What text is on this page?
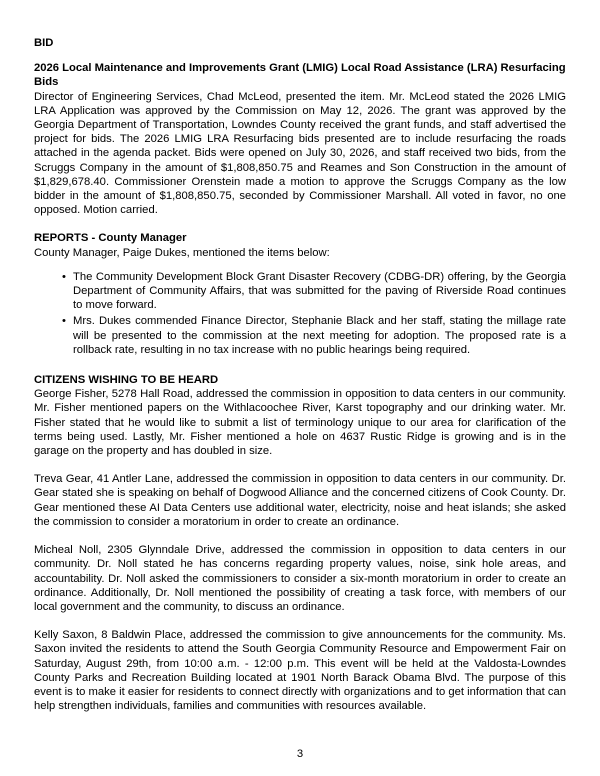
BID

2026 Local Maintenance and Improvements Grant (LMIG) Local Road Assistance (LRA) Resurfacing Bids

Director of Engineering Services, Chad McLeod, presented the item. Mr. McLeod stated the 2026 LMIG LRA Application was approved by the Commission on May 12, 2026. The grant was approved by the Georgia Department of Transportation, Lowndes County received the grant funds, and staff advertised the project for bids. The 2026 LMIG LRA Resurfacing bids presented are to include resurfacing the roads attached in the agenda packet. Bids were opened on July 30, 2026, and staff received two bids, from the Scruggs Company in the amount of $1,808,850.75 and Reames and Son Construction in the amount of $1,829,678.40. Commissioner Orenstein made a motion to approve the Scruggs Company as the low bidder in the amount of $1,808,850.75, seconded by Commissioner Marshall. All voted in favor, no one opposed. Motion carried.

REPORTS - County Manager

County Manager, Paige Dukes, mentioned the items below:

• The Community Development Block Grant Disaster Recovery (CDBG-DR) offering, by the Georgia Department of Community Affairs, that was submitted for the paving of Riverside Road continues to move forward.
• Mrs. Dukes commended Finance Director, Stephanie Black and her staff, stating the millage rate will be presented to the commission at the next meeting for adoption. The proposed rate is a rollback rate, resulting in no tax increase with no public hearings being required.

CITIZENS WISHING TO BE HEARD

George Fisher, 5278 Hall Road, addressed the commission in opposition to data centers in our community. Mr. Fisher mentioned papers on the Withlacoochee River, Karst topography and our drinking water. Mr. Fisher stated that he would like to submit a list of terminology unique to our area for clarification of the terms being used. Lastly, Mr. Fisher mentioned a hole on 4637 Rustic Ridge is growing and is in the garage on the property and has doubled in size.

Treva Gear, 41 Antler Lane, addressed the commission in opposition to data centers in our community. Dr. Gear stated she is speaking on behalf of Dogwood Alliance and the concerned citizens of Cook County. Dr. Gear mentioned these AI Data Centers use additional water, electricity, noise and heat islands; she asked the commission to consider a moratorium in order to create an ordinance.

Micheal Noll, 2305 Glynndale Drive, addressed the commission in opposition to data centers in our community. Dr. Noll stated he has concerns regarding property values, noise, sink hole areas, and accountability. Dr. Noll asked the commissioners to consider a six-month moratorium in order to create an ordinance. Additionally, Dr. Noll mentioned the possibility of creating a task force, with members of our local government and the community, to discuss an ordinance.

Kelly Saxon, 8 Baldwin Place, addressed the commission to give announcements for the community. Ms. Saxon invited the residents to attend the South Georgia Community Resource and Empowerment Fair on Saturday, August 29th, from 10:00 a.m. - 12:00 p.m. This event will be held at the Valdosta-Lowndes County Parks and Recreation Building located at 1901 North Barack Obama Blvd. The purpose of this event is to make it easier for residents to connect directly with organizations and to get information that can help strengthen individuals, families and communities with resources available.

3
